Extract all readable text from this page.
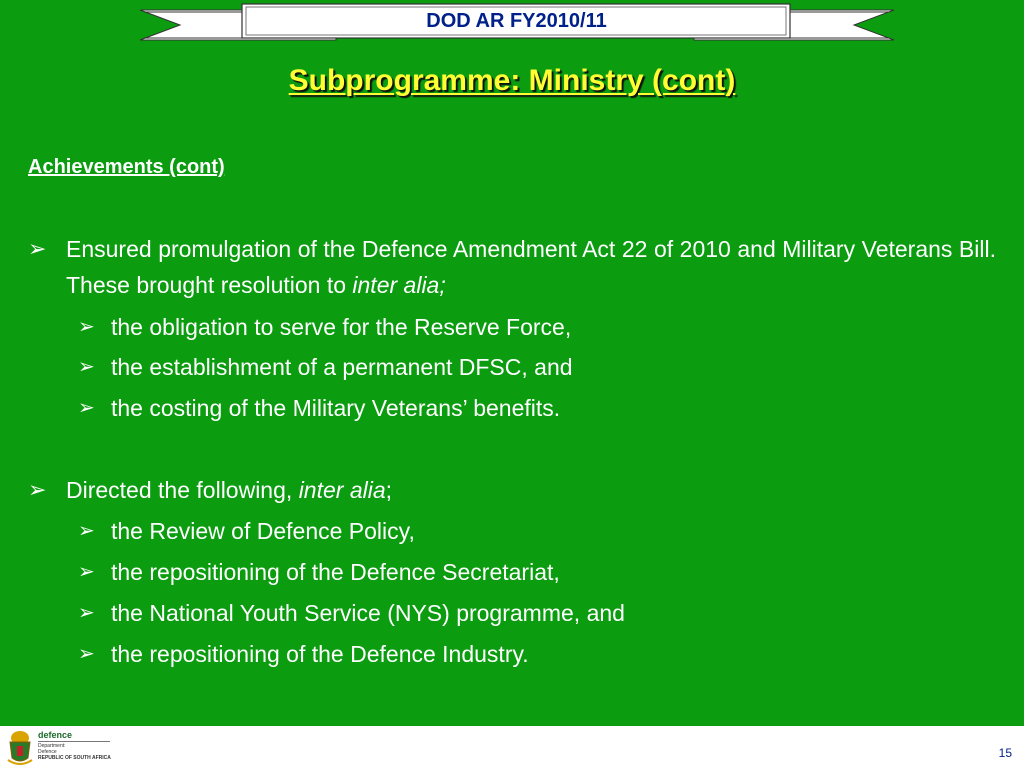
DOD AR FY2010/11
Subprogramme: Ministry (cont)
Achievements (cont)
➢ Ensured promulgation of the Defence Amendment Act 22 of 2010 and Military Veterans Bill. These brought resolution to inter alia;
➢ the obligation to serve for the Reserve Force,
➢ the establishment of a permanent DFSC, and
➢ the costing of the Military Veterans’ benefits.
➢ Directed the following, inter alia;
➢ the Review of Defence Policy,
➢ the repositioning of the Defence Secretariat,
➢ the National Youth Service (NYS) programme, and
➢ the repositioning of the Defence Industry.
defence
Department:
Defence
REPUBLIC OF SOUTH AFRICA	15
